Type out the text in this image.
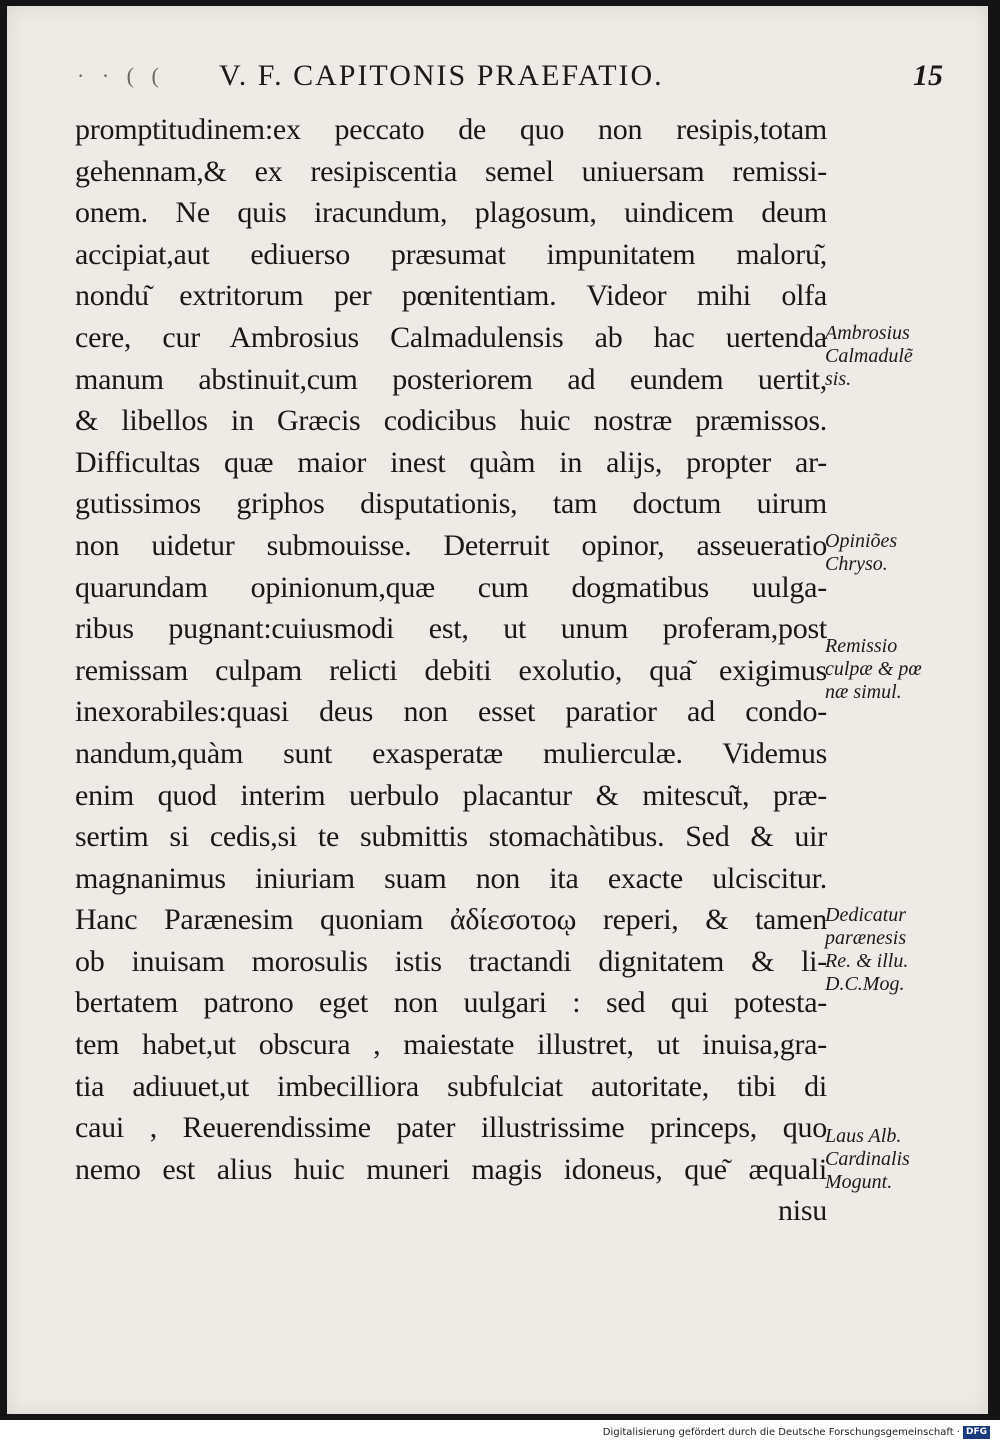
· · ( ( V. F. CAPITONIS PRAEFATIO.	15
promptitudinem:ex peccato de quo non resipis,totam
gehennam,& ex resipiscentia semel uniuersam remissi-
onem. Ne quis iracundum, plagosum, uindicem deum
accipiat,aut ediuerso præsumat impunitatem maloru͂,
nondu͂ extritorum per pœnitentiam. Videor mihi olfa
cere, cur Ambrosius Calmadulensis ab hac uertenda
manum abstinuit,cum posteriorem ad eundem uertit,
& libellos in Græcis codicibus huic nostræ præmissos.
Difficultas quæ maior inest quàm in alijs, propter ar-
gutissimos griphos disputationis, tam doctum uirum
non uidetur submouisse. Deterruit opinor, asseueratio
quarundam opinionum,quæ cum dogmatibus uulga-
ribus pugnant:cuiusmodi est, ut unum proferam,post
remissam culpam relicti debiti exolutio, qua͂ exigimus
inexorabiles:quasi deus non esset paratior ad condo-
nandum,quàm sunt exasperatæ mulierculæ. Videmus
enim quod interim uerbulo placantur & mitescu͂t, præ-
sertim si cedis,si te submittis stomachàtibus. Sed & uir
magnanimus iniuriam suam non ita exacte ulciscitur.
Hanc Parænesim quoniam ἀδίεσοτοῳ reperi, & tamen
ob inuisam morosulis istis tractandi dignitatem & li-
bertatem patrono eget non uulgari : sed qui potesta-
tem habet,ut obscura , maiestate illustret, ut inuisa,gra-
tia adiuuet,ut imbecilliora subfulciat autoritate, tibi di
caui , Reuerendissime pater illustrissime princeps, quo
nemo est alius huic muneri magis idoneus, que͂ æquali
nisu
Ambrosius
Calmadulẽ
sis.
Opiniões
Chryso.
Remissio
culpæ & pœ
næ simul.
Dedicatur
parænesis
Re. & illu.
D.C.Mog.
Laus Alb.
Cardinalis
Mogunt.
Digitalisierung gefördert durch die Deutsche Forschungsgemeinschaft · DFG
